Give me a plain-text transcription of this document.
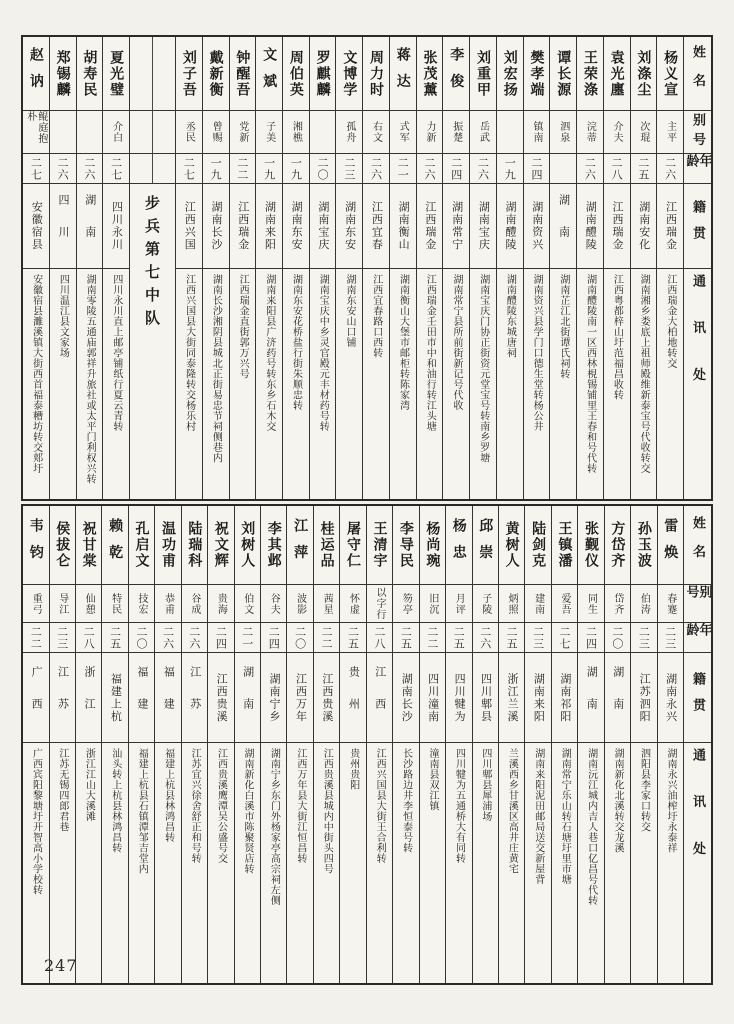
姓名
别号
年龄
籍贯
通讯处
杨义宣
主平
二六
江西瑞金
江西瑞金大柏地转交
刘涤尘
次琨
二五
湖南安化
湖南湘乡娄底上祖师殿维新泰宝号代收转交
袁光廛
介夫
二八
江西瑞金
江西粤都梓山圩范福昌收转
王荣涤
浣蒂
二六
湖南醴陵
湖南醴陵南一区西林梘锡铺里王春和号代转
谭长源
泗泉
湖南
湖南芷江北街谭氏祠转
樊孝端
镇南
二四
湖南资兴
湖南资兴县学门口德生堂转杨公井
刘宏扬
一九
湖南醴陵
湖南醴陵东城唐祠
刘重甲
岳武
二六
湖南宝庆
湖南宝庆门协正街资元堂宝号转南乡罗塘
李俊
振楚
二四
湖南常宁
湖南常宁县所前街新记号代收
张茂薰
力新
二六
江西瑞金
江西瑞金壬田市中和油行转江头塘
蒋达
式军
二一
湖南衡山
湖南衡山大堡市邮柜转陈家湾
周力时
右文
二六
江西宜春
江西宜春路口西转
文博学
孤舟
二三
湖南东安
湖南东安山口铺
罗麒麟
二〇
湖南宝庆
湖南宝庆中乡灵官殿元丰材药号转
周伯英
湘樵
一九
湖南东安
湖南东安花桥盐行街朱顺忠转
文斌
子美
一九
湖南来阳
湖南来阳县广济药号转东乡石木交
钟醒吾
党新
二二
江西瑞金
江西瑞金直街郭万兴号
戴新衡
曾赐
一九
湖南长沙
湖南长沙湘阴县城北正街易忠节祠侧巷内
刘子吾
丞民
二七
江西兴国
江西兴国县大街同泰隆转交杨乐村
步兵第七中队
夏光璧
介白
二七
四川永川
四川永川直上邮亭铺纸行夏云青转
胡寿民
二六
湖南
湖南零陵五通庙郭祥升旅社或太平门利权兴转
郑锡麟
二六
四川
四川温江县文家场
赵讷
鲲庭抱朴
二七
安徽宿县
安徽宿县濉溪镇大街西首福泰糟坊转交郏圩
姓名
别号
年龄
籍贯
通讯处
雷焕
春蹇
二三
湖南永兴
湖南永兴油榨圩永泰祥
孙玉波
伯涛
二三
江苏泗阳
泗阳县李家口转交
方岱齐
岱齐
二〇
湖南
湖南新化北溪转交龙溪
张觐仪
同生
二四
湖南
湖南沅江城内吉人巷口亿昌号代转
王镇潘
爱吾
二七
湖南祁阳
湖南常宁乐山转石塘圩里市塘
陆剑克
建南
二三
湖南来阳
湖南来阳泥田邮局送交新屋背
黄树人
炳照
二五
浙江兰溪
兰溪西乡甘溪区高井庄黄宅
邱崇
子陵
二六
四川郫县
四川郫县犀浦场
杨忠
月评
二五
四川犍为
四川犍为五通桥大有同转
杨尚琬
旧沉
二二
四川潼南
潼南县双江镇
李导民
笏亭
二五
湖南长沙
长沙路边井李恒泰号转
王清宇
以字行
二八
江西
江西兴国县大街王合利转
屠守仁
怀虚
二五
贵州
贵州贵阳
桂运品
茜星
二二
江西贵溪
江西贵溪县城内中街头四号
江萍
波影
二〇
江西万年
江西万年县大街江恒昌转
李其邺
谷夫
二四
湖南宁乡
湖南宁乡东门外杨家亭高宗祠左侧
刘树人
伯文
二一
湖南
湖南新化白溪市陈聚贤店转
祝文辉
贵海
二四
江西贵溪
江西贵溪鹰潭吴公盛号交
陆瑞科
谷成
二六
江苏
江苏宜兴徐舍舒正和号转
温功甫
恭甫
二六
福建
福建上杭县林鸿昌转
孔启文
技宏
二〇
福建
福建上杭县石镇潭邹吉堂内
赖乾
特民
二五
福建上杭
汕头转上杭县林鸿昌转
祝甘棠
仙憩
二八
浙江
浙江江山大溪滩
侯拔仑
导江
二三
江苏
江苏无锡四郎君巷
韦钧
重弓
二二
广西
广西宾阳黎塘圩开智高小学校转
247
